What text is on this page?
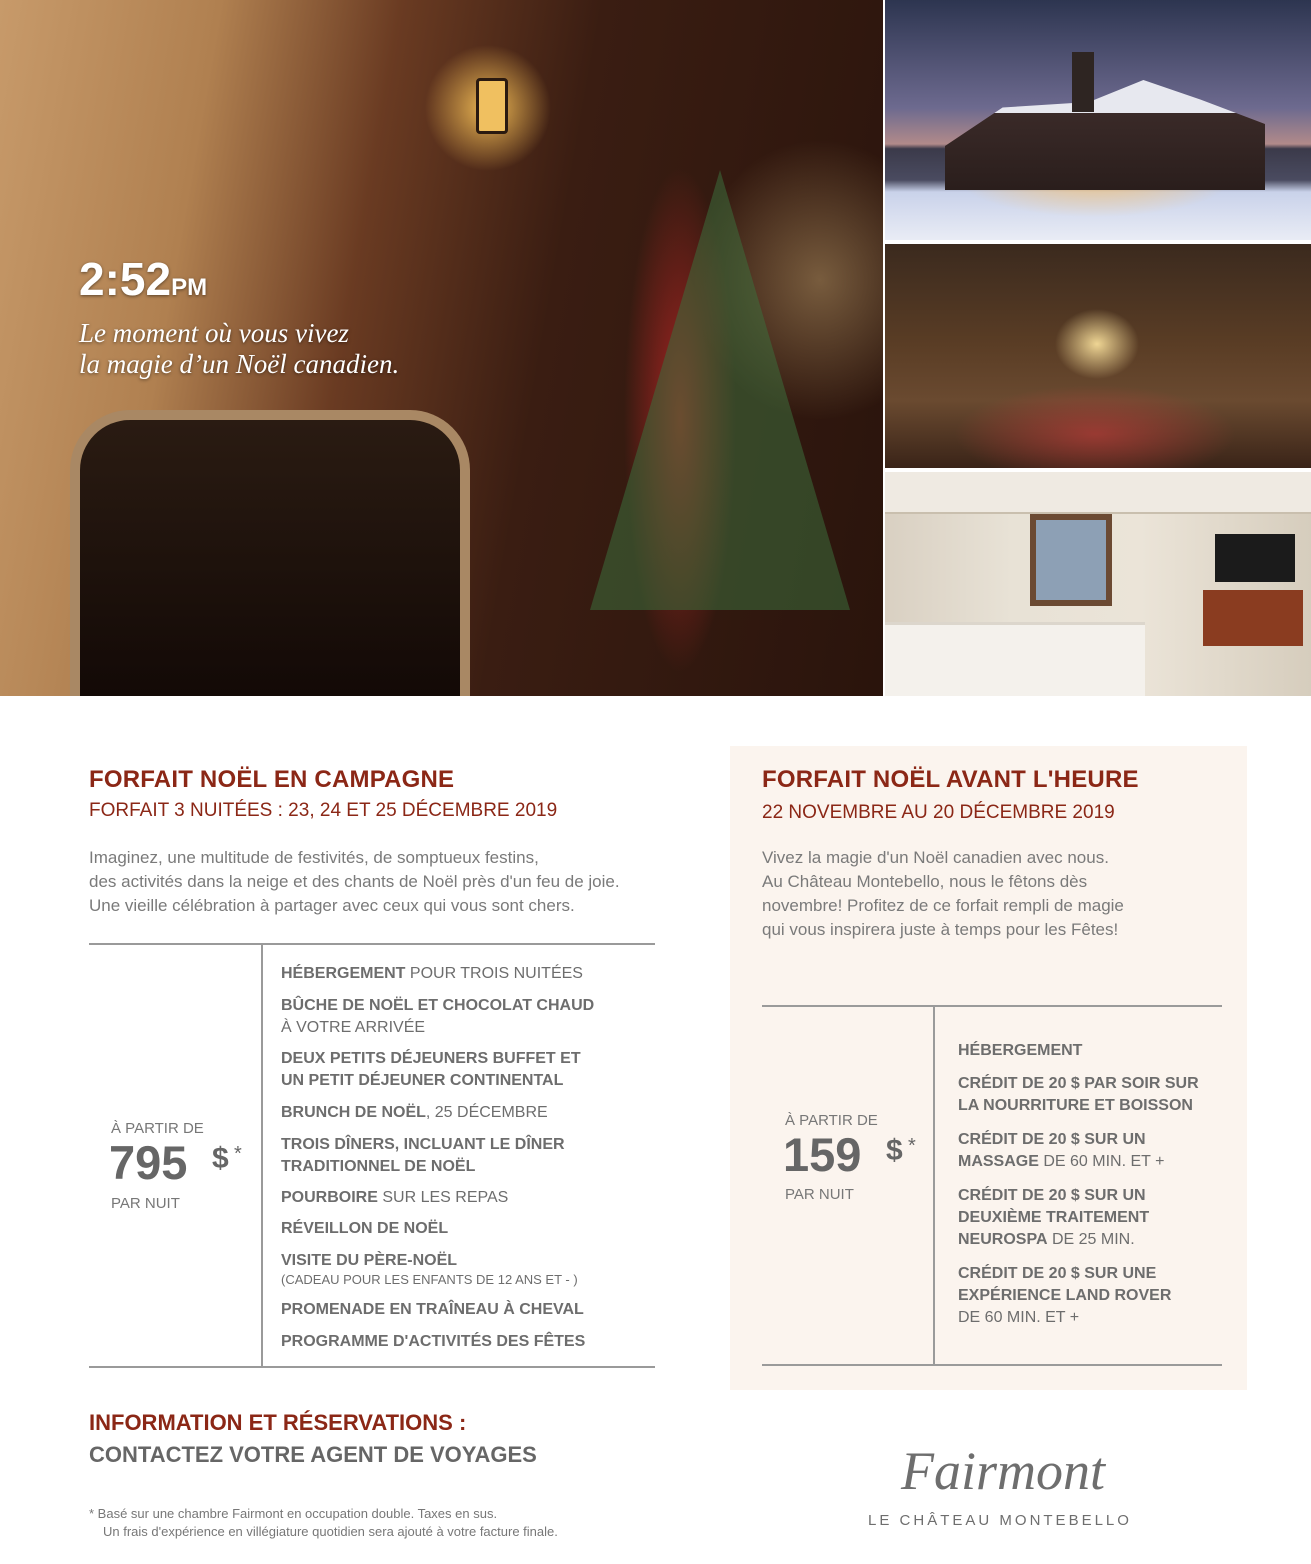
2:52PM
Le moment où vous vivez
la magie d’un Noël canadien.
FORFAIT NOËL EN CAMPAGNE
FORFAIT 3 NUITÉES : 23, 24 ET 25 DÉCEMBRE 2019
Imaginez, une multitude de festivités, de somptueux festins,
des activités dans la neige et des chants de Noël près d'un feu de joie.
Une vieille célébration à partager avec ceux qui vous sont chers.
À PARTIR DE
795 $ *
PAR NUIT
HÉBERGEMENT POUR TROIS NUITÉES
BÛCHE DE NOËL ET CHOCOLAT CHAUD
À VOTRE ARRIVÉE
DEUX PETITS DÉJEUNERS BUFFET ET
UN PETIT DÉJEUNER CONTINENTAL
BRUNCH DE NOËL, 25 DÉCEMBRE
TROIS DÎNERS, INCLUANT LE DÎNER
TRADITIONNEL DE NOËL
POURBOIRE SUR LES REPAS
RÉVEILLON DE NOËL
VISITE DU PÈRE-NOËL
(CADEAU POUR LES ENFANTS DE 12 ANS ET - )
PROMENADE EN TRAÎNEAU À CHEVAL
PROGRAMME D'ACTIVITÉS DES FÊTES
FORFAIT NOËL AVANT L'HEURE
22 NOVEMBRE AU 20 DÉCEMBRE 2019
Vivez la magie d'un Noël canadien avec nous.
Au Château Montebello, nous le fêtons dès
novembre! Profitez de ce forfait rempli de magie
qui vous inspirera juste à temps pour les Fêtes!
À PARTIR DE
159 $ *
PAR NUIT
HÉBERGEMENT
CRÉDIT DE 20 $ PAR SOIR SUR
LA NOURRITURE ET BOISSON
CRÉDIT DE 20 $ SUR UN
MASSAGE DE 60 MIN. ET +
CRÉDIT DE 20 $ SUR UN
DEUXIÈME TRAITEMENT
NEUROSPA DE 25 MIN.
CRÉDIT DE 20 $ SUR UNE
EXPÉRIENCE LAND ROVER
DE 60 MIN. ET +
INFORMATION ET RÉSERVATIONS :
CONTACTEZ VOTRE AGENT DE VOYAGES
* Basé sur une chambre Fairmont en occupation double. Taxes en sus.
Un frais d'expérience en villégiature quotidien sera ajouté à votre facture finale.
Fairmont
LE CHÂTEAU MONTEBELLO
